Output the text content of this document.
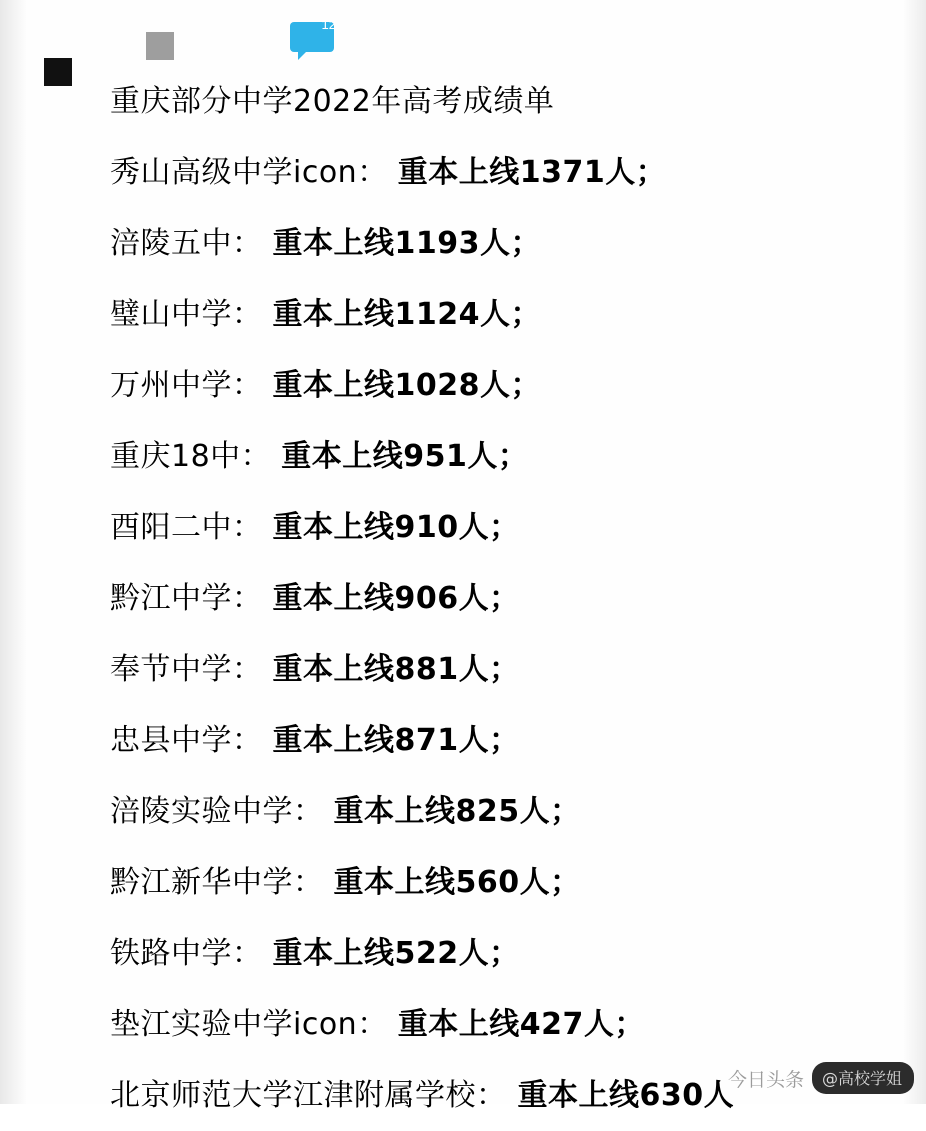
12
重庆部分中学2022年高考成绩单
秀山高级中学icon： 重本上线1371人；
涪陵五中： 重本上线1193人；
璧山中学： 重本上线1124人；
万州中学： 重本上线1028人；
重庆18中： 重本上线951人；
酉阳二中： 重本上线910人；
黔江中学： 重本上线906人；
奉节中学： 重本上线881人；
忠县中学： 重本上线871人；
涪陵实验中学： 重本上线825人；
黔江新华中学： 重本上线560人；
铁路中学： 重本上线522人；
垫江实验中学icon： 重本上线427人；
北京师范大学江津附属学校： 重本上线630人
今日头条 @高校学姐
